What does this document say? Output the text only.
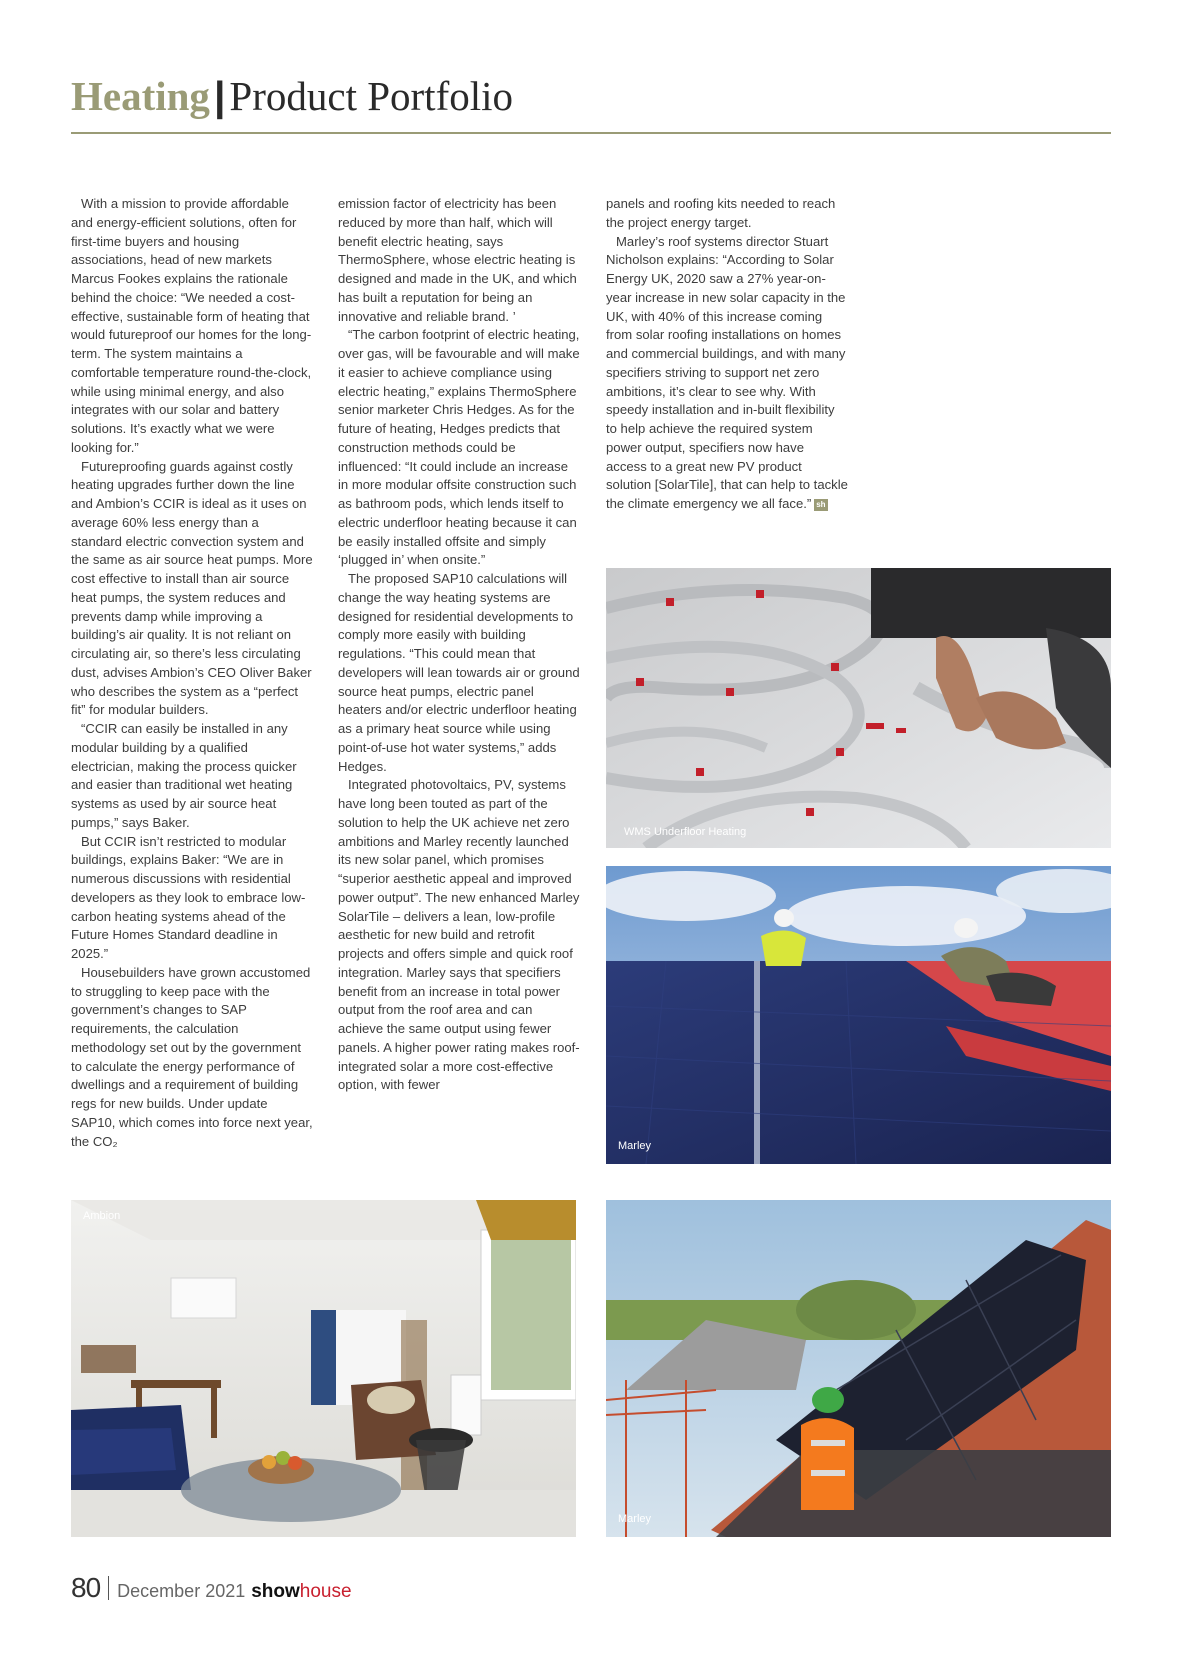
Heating|Product Portfolio

With a mission to provide affordable and energy-efficient solutions, often for first-time buyers and housing associations, head of new markets Marcus Fookes explains the rationale behind the choice: “We needed a cost-effective, sustainable form of heating that would futureproof our homes for the long-term. The system maintains a comfortable temperature round-the-clock, while using minimal energy, and also integrates with our solar and battery solutions. It’s exactly what we were looking for.”

Futureproofing guards against costly heating upgrades further down the line and Ambion’s CCIR is ideal as it uses on average 60% less energy than a standard electric convection system and the same as air source heat pumps. More cost effective to install than air source heat pumps, the system reduces and prevents damp while improving a building’s air quality. It is not reliant on circulating air, so there’s less circulating dust, advises Ambion’s CEO Oliver Baker who describes the system as a “perfect fit” for modular builders.

“CCIR can easily be installed in any modular building by a qualified electrician, making the process quicker and easier than traditional wet heating systems as used by air source heat pumps,” says Baker.

But CCIR isn’t restricted to modular buildings, explains Baker: “We are in numerous discussions with residential developers as they look to embrace low-carbon heating systems ahead of the Future Homes Standard deadline in 2025.”

Housebuilders have grown accustomed to struggling to keep pace with the government’s changes to SAP requirements, the calculation methodology set out by the government to calculate the energy performance of dwellings and a requirement of building regs for new builds. Under update SAP10, which comes into force next year, the CO₂

emission factor of electricity has been reduced by more than half, which will benefit electric heating, says ThermoSphere, whose electric heating is designed and made in the UK, and which has built a reputation for being an innovative and reliable brand. ’

“The carbon footprint of electric heating, over gas, will be favourable and will make it easier to achieve compliance using electric heating,” explains ThermoSphere senior marketer Chris Hedges. As for the future of heating, Hedges predicts that construction methods could be influenced: “It could include an increase in more modular offsite construction such as bathroom pods, which lends itself to electric underfloor heating because it can be easily installed offsite and simply ‘plugged in’ when onsite.”

The proposed SAP10 calculations will change the way heating systems are designed for residential developments to comply more easily with building regulations. “This could mean that developers will lean towards air or ground source heat pumps, electric panel heaters and/or electric underfloor heating as a primary heat source while using point-of-use hot water systems,” adds Hedges.

Integrated photovoltaics, PV, systems have long been touted as part of the solution to help the UK achieve net zero ambitions and Marley recently launched its new solar panel, which promises “superior aesthetic appeal and improved power output”. The new enhanced Marley SolarTile – delivers a lean, low-profile aesthetic for new build and retrofit projects and offers simple and quick roof integration. Marley says that specifiers benefit from an increase in total power output from the roof area and can achieve the same output using fewer panels. A higher power rating makes roof-integrated solar a more cost-effective option, with fewer

panels and roofing kits needed to reach the project energy target.

Marley’s roof systems director Stuart Nicholson explains: “According to Solar Energy UK, 2020 saw a 27% year-on-year increase in new solar capacity in the UK, with 40% of this increase coming from solar roofing installations on homes and commercial buildings, and with many specifiers striving to support net zero ambitions, it’s clear to see why. With speedy installation and in-built flexibility to help achieve the required system power output, specifiers now have access to a great new PV product solution [SolarTile], that can help to tackle the climate emergency we all face.” sh

WMS Underfloor Heating
Marley
Ambion
Marley
80 December 2021 showhouse
